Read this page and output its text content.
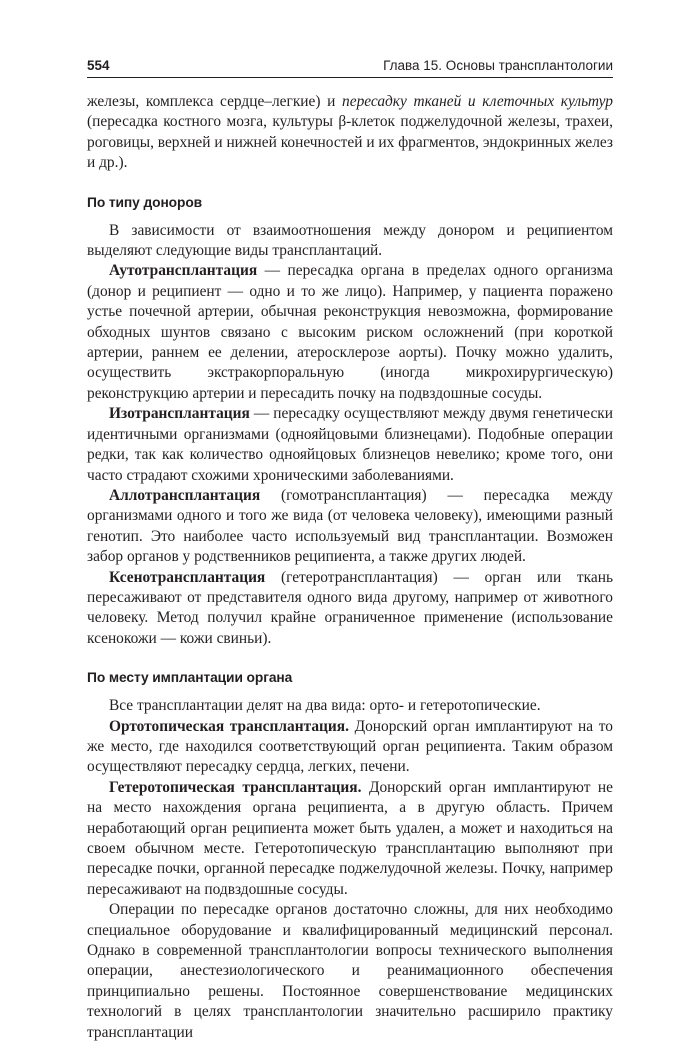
554	Глава 15. Основы трансплантологии

железы, комплекса сердце–легкие) и пересадку тканей и клеточных культур (пересадка костного мозга, культуры β-клеток поджелудочной железы, трахеи, роговицы, верхней и нижней конечностей и их фрагментов, эндокринных желез и др.).

По типу доноров

В зависимости от взаимоотношения между донором и реципиентом выделяют следующие виды трансплантаций.

Аутотрансплантация — пересадка органа в пределах одного организма (донор и реципиент — одно и то же лицо). Например, у пациента поражено устье почечной артерии, обычная реконструкция невозможна, формирование обходных шунтов связано с высоким риском осложнений (при короткой артерии, раннем ее делении, атеросклерозе аорты). Почку можно удалить, осуществить экстракорпоральную (иногда микрохирургическую) реконструкцию артерии и пересадить почку на подвздошные сосуды.

Изотрансплантация — пересадку осуществляют между двумя генетически идентичными организмами (однояйцовыми близнецами). Подобные операции редки, так как количество однояйцовых близнецов невелико; кроме того, они часто страдают схожими хроническими заболеваниями.

Аллотрансплантация (гомотрансплантация) — пересадка между организмами одного и того же вида (от человека человеку), имеющими разный генотип. Это наиболее часто используемый вид трансплантации. Возможен забор органов у родственников реципиента, а также других людей.

Ксенотрансплантация (гетеротрансплантация) — орган или ткань пересаживают от представителя одного вида другому, например от животного человеку. Метод получил крайне ограниченное применение (использование ксенокожи — кожи свиньи).

По месту имплантации органа

Все трансплантации делят на два вида: орто- и гетеротопические.

Ортотопическая трансплантация. Донорский орган имплантируют на то же место, где находился соответствующий орган реципиента. Таким образом осуществляют пересадку сердца, легких, печени.

Гетеротопическая трансплантация. Донорский орган имплантируют не на место нахождения органа реципиента, а в другую область. Причем неработающий орган реципиента может быть удален, а может и находиться на своем обычном месте. Гетеротопическую трансплантацию выполняют при пересадке почки, органной пересадке поджелудочной железы. Почку, например пересаживают на подвздошные сосуды.

Операции по пересадке органов достаточно сложны, для них необходимо специальное оборудование и квалифицированный медицинский персонал. Однако в современной трансплантологии вопросы технического выполнения операции, анестезиологического и реанимационного обеспечения принципиально решены. Постоянное совершенствование медицинских технологий в целях трансплантологии значительно расширило практику трансплантации
